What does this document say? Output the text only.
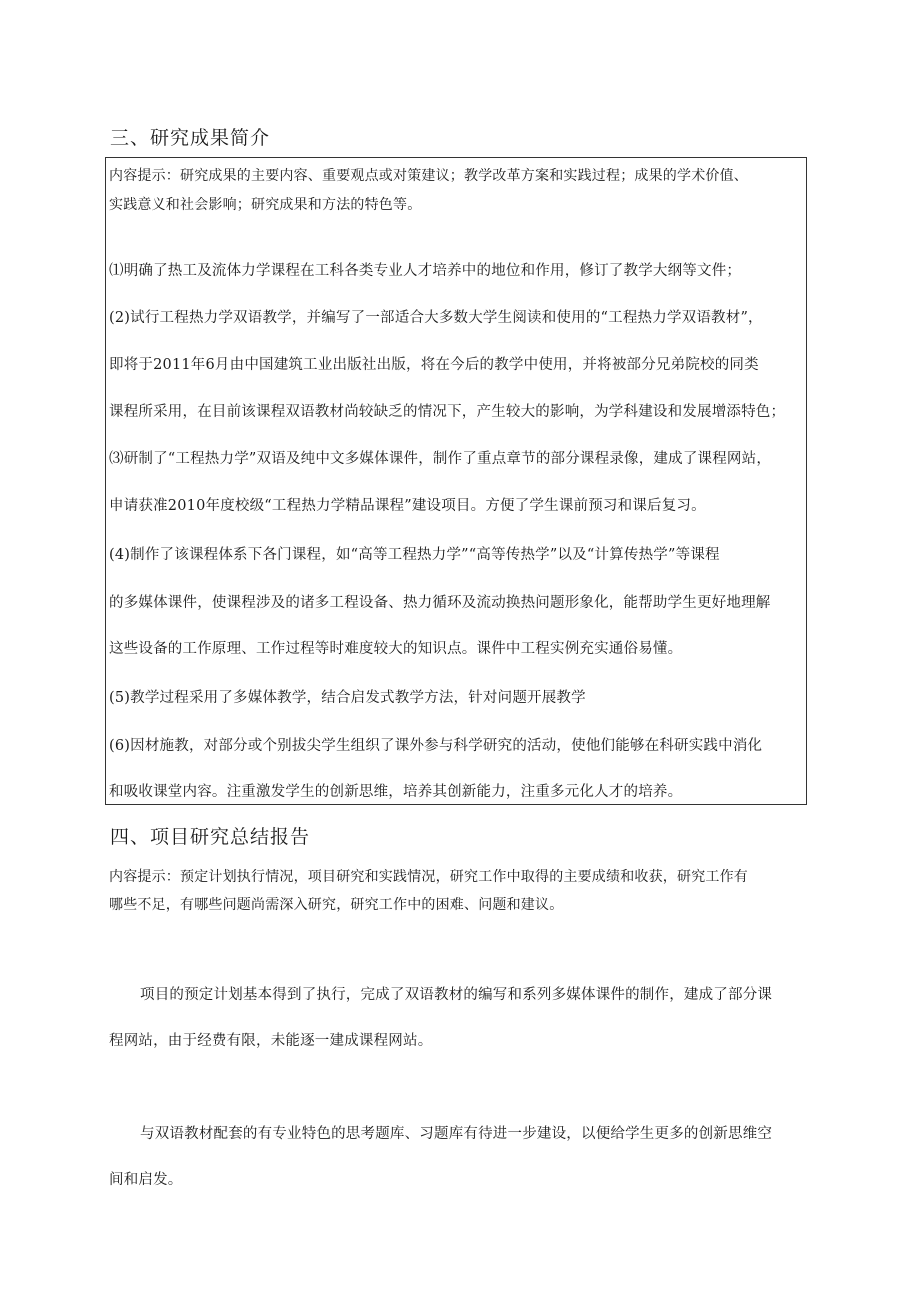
三、研究成果简介
内容提示：研究成果的主要内容、重要观点或对策建议；教学改革方案和实践过程；成果的学术价值、
实践意义和社会影响；研究成果和方法的特色等。
⑴明确了热工及流体力学课程在工科各类专业人才培养中的地位和作用，修订了教学大纲等文件；
(2)试行工程热力学双语教学，并编写了一部适合大多数大学生阅读和使用的“工程热力学双语教材”，
即将于2011年6月由中国建筑工业出版社出版，将在今后的教学中使用，并将被部分兄弟院校的同类
课程所采用，在目前该课程双语教材尚较缺乏的情况下，产生较大的影响，为学科建设和发展增添特色；
⑶研制了“工程热力学”双语及纯中文多媒体课件，制作了重点章节的部分课程录像，建成了课程网站，
申请获准2010年度校级“工程热力学精品课程”建设项目。方便了学生课前预习和课后复习。
(4)制作了该课程体系下各门课程，如“高等工程热力学”“高等传热学”以及“计算传热学”等课程
的多媒体课件，使课程涉及的诸多工程设备、热力循环及流动换热问题形象化，能帮助学生更好地理解
这些设备的工作原理、工作过程等时难度较大的知识点。课件中工程实例充实通俗易懂。
(5)教学过程采用了多媒体教学，结合启发式教学方法，针对问题开展教学
(6)因材施教，对部分或个别拔尖学生组织了课外参与科学研究的活动，使他们能够在科研实践中消化
和吸收课堂内容。注重激发学生的创新思维，培养其创新能力，注重多元化人才的培养。
四、项目研究总结报告
内容提示：预定计划执行情况，项目研究和实践情况，研究工作中取得的主要成绩和收获，研究工作有
哪些不足，有哪些问题尚需深入研究，研究工作中的困难、问题和建议。
项目的预定计划基本得到了执行，完成了双语教材的编写和系列多媒体课件的制作，建成了部分课
程网站，由于经费有限，未能逐一建成课程网站。
与双语教材配套的有专业特色的思考题库、习题库有待进一步建设，以便给学生更多的创新思维空
间和启发。
